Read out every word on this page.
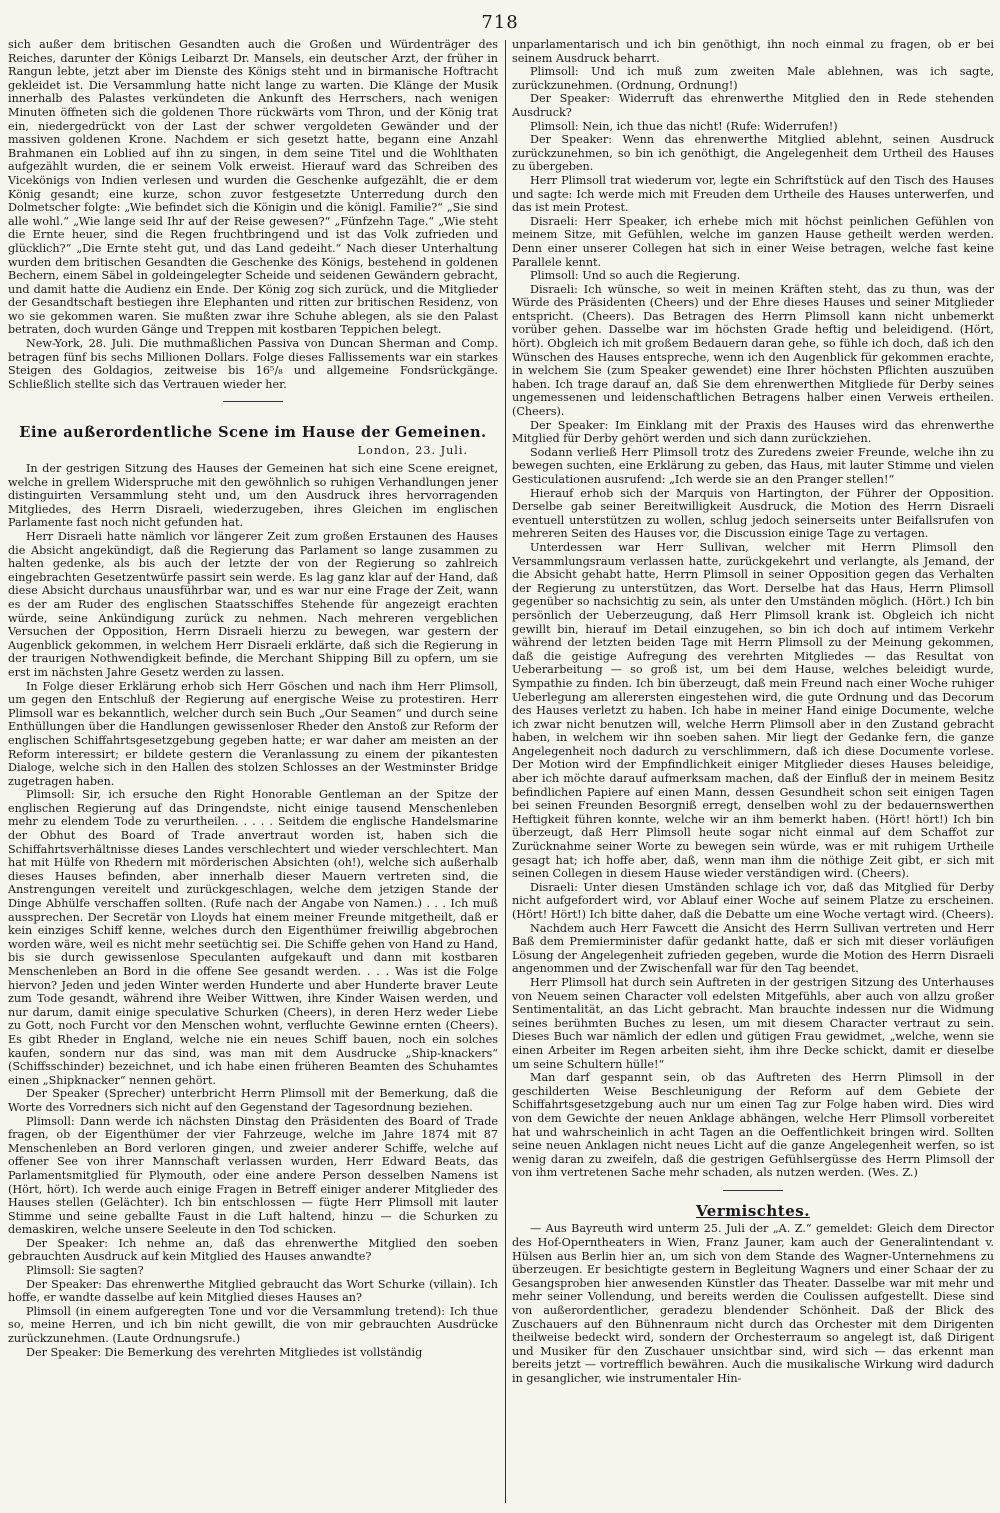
718

sich außer dem britischen Gesandten auch die Großen und Würdenträger des Reiches, darunter der Königs Leibarzt Dr. Mansels, ein deutscher Arzt, der früher in Rangun lebte, jetzt aber im Dienste des Königs steht und in birmanische Hoftracht gekleidet ist. Die Versammlung hatte nicht lange zu warten. Die Klänge der Musik innerhalb des Palastes verkündeten die Ankunft des Herrschers, nach wenigen Minuten öffneten sich die goldenen Thore rückwärts vom Thron, und der König trat ein, niedergedrückt von der Last der schwer vergoldeten Gewänder und der massiven goldenen Krone. Nachdem er sich gesetzt hatte, begann eine Anzahl Brahmanen ein Loblied auf ihn zu singen, in dem seine Titel und die Wohlthaten aufgezählt wurden, die er seinem Volk erweist. Hierauf ward das Schreiben des Vicekönigs von Indien verlesen und wurden die Geschenke aufgezählt, die er dem König gesandt; eine kurze, schon zuvor festgesetzte Unterredung durch den Dolmetscher folgte: „Wie befindet sich die Königin und die königl. Familie?“ „Sie sind alle wohl.“ „Wie lange seid Ihr auf der Reise gewesen?“ „Fünfzehn Tage.“ „Wie steht die Ernte heuer, sind die Regen fruchtbringend und ist das Volk zufrieden und glücklich?“ „Die Ernte steht gut, und das Land gedeiht.“ Nach dieser Unterhaltung wurden dem britischen Gesandten die Geschenke des Königs, bestehend in goldenen Bechern, einem Säbel in goldeingelegter Scheide und seidenen Gewändern gebracht, und damit hatte die Audienz ein Ende. Der König zog sich zurück, und die Mitglieder der Gesandtschaft bestiegen ihre Elephanten und ritten zur britischen Residenz, von wo sie gekommen waren. Sie mußten zwar ihre Schuhe ablegen, als sie den Palast betraten, doch wurden Gänge und Treppen mit kostbaren Teppichen belegt.

New-York, 28. Juli. Die muthmaßlichen Passiva von Duncan Sherman and Comp. betragen fünf bis sechs Millionen Dollars. Folge dieses Fallissements war ein starkes Steigen des Goldagios, zeitweise bis 16⁵/₈ und allgemeine Fondsrückgänge. Schließlich stellte sich das Vertrauen wieder her.

Eine außerordentliche Scene im Hause der Gemeinen.
London, 23. Juli.

In der gestrigen Sitzung des Hauses der Gemeinen hat sich eine Scene ereignet, welche in grellem Widerspruche mit den gewöhnlich so ruhigen Verhandlungen jener distinguirten Versammlung steht und, um den Ausdruck ihres hervorragenden Mitgliedes, des Herrn Disraeli, wiederzugeben, ihres Gleichen im englischen Parlamente fast noch nicht gefunden hat.

Herr Disraeli hatte nämlich vor längerer Zeit zum großen Erstaunen des Hauses die Absicht angekündigt, daß die Regierung das Parlament so lange zusammen zu halten gedenke, als bis auch der letzte der von der Regierung so zahlreich eingebrachten Gesetzentwürfe passirt sein werde. Es lag ganz klar auf der Hand, daß diese Absicht durchaus unausführbar war, und es war nur eine Frage der Zeit, wann es der am Ruder des englischen Staatsschiffes Stehende für angezeigt erachten würde, seine Ankündigung zurück zu nehmen. Nach mehreren vergeblichen Versuchen der Opposition, Herrn Disraeli hierzu zu bewegen, war gestern der Augenblick gekommen, in welchem Herr Disraeli erklärte, daß sich die Regierung in der traurigen Nothwendigkeit befinde, die Merchant Shipping Bill zu opfern, um sie erst im nächsten Jahre Gesetz werden zu lassen.

In Folge dieser Erklärung erhob sich Herr Göschen und nach ihm Herr Plimsoll, um gegen den Entschluß der Regierung auf energische Weise zu protestiren. Herr Plimsoll war es bekanntlich, welcher durch sein Buch „Our Seamen“ und durch seine Enthüllungen über die Handlungen gewissenloser Rheder den Anstoß zur Reform der englischen Schiffahrtsgesetzgebung gegeben hatte; er war daher am meisten an der Reform interessirt; er bildete gestern die Veranlassung zu einem der pikantesten Dialoge, welche sich in den Hallen des stolzen Schlosses an der Westminster Bridge zugetragen haben.

Plimsoll: Sir, ich ersuche den Right Honorable Gentleman an der Spitze der englischen Regierung auf das Dringendste, nicht einige tausend Menschenleben mehr zu elendem Tode zu verurtheilen. . . . . Seitdem die englische Handelsmarine der Obhut des Board of Trade anvertraut worden ist, haben sich die Schiffahrtsverhältnisse dieses Landes verschlechtert und wieder verschlechtert. Man hat mit Hülfe von Rhedern mit mörderischen Absichten (oh!), welche sich außerhalb dieses Hauses befinden, aber innerhalb dieser Mauern vertreten sind, die Anstrengungen vereitelt und zurückgeschlagen, welche dem jetzigen Stande der Dinge Abhülfe verschaffen sollten. (Rufe nach der Angabe von Namen.) . . . Ich muß aussprechen. Der Secretär von Lloyds hat einem meiner Freunde mitgetheilt, daß er kein einziges Schiff kenne, welches durch den Eigenthümer freiwillig abgebrochen worden wäre, weil es nicht mehr seetüchtig sei. Die Schiffe gehen von Hand zu Hand, bis sie durch gewissenlose Speculanten aufgekauft und dann mit kostbaren Menschenleben an Bord in die offene See gesandt werden. . . . Was ist die Folge hiervon? Jeden und jeden Winter werden Hunderte und aber Hunderte braver Leute zum Tode gesandt, während ihre Weiber Wittwen, ihre Kinder Waisen werden, und nur darum, damit einige speculative Schurken (Cheers), in deren Herz weder Liebe zu Gott, noch Furcht vor den Menschen wohnt, verfluchte Gewinne ernten (Cheers). Es gibt Rheder in England, welche nie ein neues Schiff bauen, noch ein solches kaufen, sondern nur das sind, was man mit dem Ausdrucke „Ship-knackers“ (Schiffsschinder) bezeichnet, und ich habe einen früheren Beamten des Schuhamtes einen „Shipknacker“ nennen gehört.

Der Speaker (Sprecher) unterbricht Herrn Plimsoll mit der Bemerkung, daß die Worte des Vorredners sich nicht auf den Gegenstand der Tagesordnung beziehen.

Plimsoll: Dann werde ich nächsten Dinstag den Präsidenten des Board of Trade fragen, ob der Eigenthümer der vier Fahrzeuge, welche im Jahre 1874 mit 87 Menschenleben an Bord verloren gingen, und zweier anderer Schiffe, welche auf offener See von ihrer Mannschaft verlassen wurden, Herr Edward Beats, das Parlamentsmitglied für Plymouth, oder eine andere Person desselben Namens ist (Hört, hört). Ich werde auch einige Fragen in Betreff einiger anderer Mitglieder des Hauses stellen (Gelächter). Ich bin entschlossen — fügte Herr Plimsoll mit lauter Stimme und seine geballte Faust in die Luft haltend, hinzu — die Schurken zu demaskiren, welche unsere Seeleute in den Tod schicken.

Der Speaker: Ich nehme an, daß das ehrenwerthe Mitglied den soeben gebrauchten Ausdruck auf kein Mitglied des Hauses anwandte?

Plimsoll: Sie sagten?

Der Speaker: Das ehrenwerthe Mitglied gebraucht das Wort Schurke (villain). Ich hoffe, er wandte dasselbe auf kein Mitglied dieses Hauses an?

Plimsoll (in einem aufgeregten Tone und vor die Versammlung tretend): Ich thue so, meine Herren, und ich bin nicht gewillt, die von mir gebrauchten Ausdrücke zurückzunehmen. (Laute Ordnungsrufe.)

Der Speaker: Die Bemerkung des verehrten Mitgliedes ist vollständig

unparlamentarisch und ich bin genöthigt, ihn noch einmal zu fragen, ob er bei seinem Ausdruck beharrt.

Plimsoll: Und ich muß zum zweiten Male ablehnen, was ich sagte, zurückzunehmen. (Ordnung, Ordnung!)

Der Speaker: Widerruft das ehrenwerthe Mitglied den in Rede stehenden Ausdruck?

Plimsoll: Nein, ich thue das nicht! (Rufe: Widerrufen!)

Der Speaker: Wenn das ehrenwerthe Mitglied ablehnt, seinen Ausdruck zurückzunehmen, so bin ich genöthigt, die Angelegenheit dem Urtheil des Hauses zu übergeben.

Herr Plimsoll trat wiederum vor, legte ein Schriftstück auf den Tisch des Hauses und sagte: Ich werde mich mit Freuden dem Urtheile des Hauses unterwerfen, und das ist mein Protest.

Disraeli: Herr Speaker, ich erhebe mich mit höchst peinlichen Gefühlen von meinem Sitze, mit Gefühlen, welche im ganzen Hause getheilt werden werden. Denn einer unserer Collegen hat sich in einer Weise betragen, welche fast keine Parallele kennt.

Plimsoll: Und so auch die Regierung.

Disraeli: Ich wünsche, so weit in meinen Kräften steht, das zu thun, was der Würde des Präsidenten (Cheers) und der Ehre dieses Hauses und seiner Mitglieder entspricht. (Cheers). Das Betragen des Herrn Plimsoll kann nicht unbemerkt vorüber gehen. Dasselbe war im höchsten Grade heftig und beleidigend. (Hört, hört). Obgleich ich mit großem Bedauern daran gehe, so fühle ich doch, daß ich den Wünschen des Hauses entspreche, wenn ich den Augenblick für gekommen erachte, in welchem Sie (zum Speaker gewendet) eine Ihrer höchsten Pflichten auszuüben haben. Ich trage darauf an, daß Sie dem ehrenwerthen Mitgliede für Derby seines ungemessenen und leidenschaftlichen Betragens halber einen Verweis ertheilen. (Cheers).

Der Speaker: Im Einklang mit der Praxis des Hauses wird das ehrenwerthe Mitglied für Derby gehört werden und sich dann zurückziehen.

Sodann verließ Herr Plimsoll trotz des Zuredens zweier Freunde, welche ihn zu bewegen suchten, eine Erklärung zu geben, das Haus, mit lauter Stimme und vielen Gesticulationen ausrufend: „Ich werde sie an den Pranger stellen!“

Hierauf erhob sich der Marquis von Hartington, der Führer der Opposition. Derselbe gab seiner Bereitwilligkeit Ausdruck, die Motion des Herrn Disraeli eventuell unterstützen zu wollen, schlug jedoch seinerseits unter Beifallsrufen von mehreren Seiten des Hauses vor, die Discussion einige Tage zu vertagen.

Unterdessen war Herr Sullivan, welcher mit Herrn Plimsoll den Versammlungsraum verlassen hatte, zurückgekehrt und verlangte, als Jemand, der die Absicht gehabt hatte, Herrn Plimsoll in seiner Opposition gegen das Verhalten der Regierung zu unterstützen, das Wort. Derselbe hat das Haus, Herrn Plimsoll gegenüber so nachsichtig zu sein, als unter den Umständen möglich. (Hört.) Ich bin persönlich der Ueberzeugung, daß Herr Plimsoll krank ist. Obgleich ich nicht gewillt bin, hierauf im Detail einzugehen, so bin ich doch auf intimem Verkehr während der letzten beiden Tage mit Herrn Plimsoll zu der Meinung gekommen, daß die geistige Aufregung des verehrten Mitgliedes — das Resultat von Ueberarbeitung — so groß ist, um bei dem Hause, welches beleidigt wurde, Sympathie zu finden. Ich bin überzeugt, daß mein Freund nach einer Woche ruhiger Ueberlegung am allerersten eingestehen wird, die gute Ordnung und das Decorum des Hauses verletzt zu haben. Ich habe in meiner Hand einige Documente, welche ich zwar nicht benutzen will, welche Herrn Plimsoll aber in den Zustand gebracht haben, in welchem wir ihn soeben sahen. Mir liegt der Gedanke fern, die ganze Angelegenheit noch dadurch zu verschlimmern, daß ich diese Documente vorlese. Der Motion wird der Empfindlichkeit einiger Mitglieder dieses Hauses beleidige, aber ich möchte darauf aufmerksam machen, daß der Einfluß der in meinem Besitz befindlichen Papiere auf einen Mann, dessen Gesundheit schon seit einigen Tagen bei seinen Freunden Besorgniß erregt, denselben wohl zu der bedauernswerthen Heftigkeit führen konnte, welche wir an ihm bemerkt haben. (Hört! hört!) Ich bin überzeugt, daß Herr Plimsoll heute sogar nicht einmal auf dem Schaffot zur Zurücknahme seiner Worte zu bewegen sein würde, was er mit ruhigem Urtheile gesagt hat; ich hoffe aber, daß, wenn man ihm die nöthige Zeit gibt, er sich mit seinen Collegen in diesem Hause wieder verständigen wird. (Cheers).

Disraeli: Unter diesen Umständen schlage ich vor, daß das Mitglied für Derby nicht aufgefordert wird, vor Ablauf einer Woche auf seinem Platze zu erscheinen. (Hört! Hört!) Ich bitte daher, daß die Debatte um eine Woche vertagt wird. (Cheers).

Nachdem auch Herr Fawcett die Ansicht des Herrn Sullivan vertreten und Herr Baß dem Premierminister dafür gedankt hatte, daß er sich mit dieser vorläufigen Lösung der Angelegenheit zufrieden gegeben, wurde die Motion des Herrn Disraeli angenommen und der Zwischenfall war für den Tag beendet.

Herr Plimsoll hat durch sein Auftreten in der gestrigen Sitzung des Unterhauses von Neuem seinen Character voll edelsten Mitgefühls, aber auch von allzu großer Sentimentalität, an das Licht gebracht. Man brauchte indessen nur die Widmung seines berühmten Buches zu lesen, um mit diesem Character vertraut zu sein. Dieses Buch war nämlich der edlen und gütigen Frau gewidmet, „welche, wenn sie einen Arbeiter im Regen arbeiten sieht, ihm ihre Decke schickt, damit er dieselbe um seine Schultern hülle!“

Man darf gespannt sein, ob das Auftreten des Herrn Plimsoll in der geschilderten Weise Beschleunigung der Reform auf dem Gebiete der Schiffahrtsgesetzgebung auch nur um einen Tag zur Folge haben wird. Dies wird von dem Gewichte der neuen Anklage abhängen, welche Herr Plimsoll vorbereitet hat und wahrscheinlich in acht Tagen an die Oeffentlichkeit bringen wird. Sollten seine neuen Anklagen nicht neues Licht auf die ganze Angelegenheit werfen, so ist wenig daran zu zweifeln, daß die gestrigen Gefühlsergüsse des Herrn Plimsoll der von ihm vertretenen Sache mehr schaden, als nutzen werden. (Wes. Z.)

Vermischtes.

— Aus Bayreuth wird unterm 25. Juli der „A. Z.“ gemeldet: Gleich dem Director des Hof-Operntheaters in Wien, Franz Jauner, kam auch der Generalintendant v. Hülsen aus Berlin hier an, um sich von dem Stande des Wagner-Unternehmens zu überzeugen. Er besichtigte gestern in Begleitung Wagners und einer Schaar der zu Gesangsproben hier anwesenden Künstler das Theater. Dasselbe war mit mehr und mehr seiner Vollendung, und bereits werden die Coulissen aufgestellt. Diese sind von außerordentlicher, geradezu blendender Schönheit. Daß der Blick des Zuschauers auf den Bühnenraum nicht durch das Orchester mit dem Dirigenten theilweise bedeckt wird, sondern der Orchesterraum so angelegt ist, daß Dirigent und Musiker für den Zuschauer unsichtbar sind, wird sich — das erkennt man bereits jetzt — vortrefflich bewähren. Auch die musikalische Wirkung wird dadurch in gesanglicher, wie instrumentaler Hin-
